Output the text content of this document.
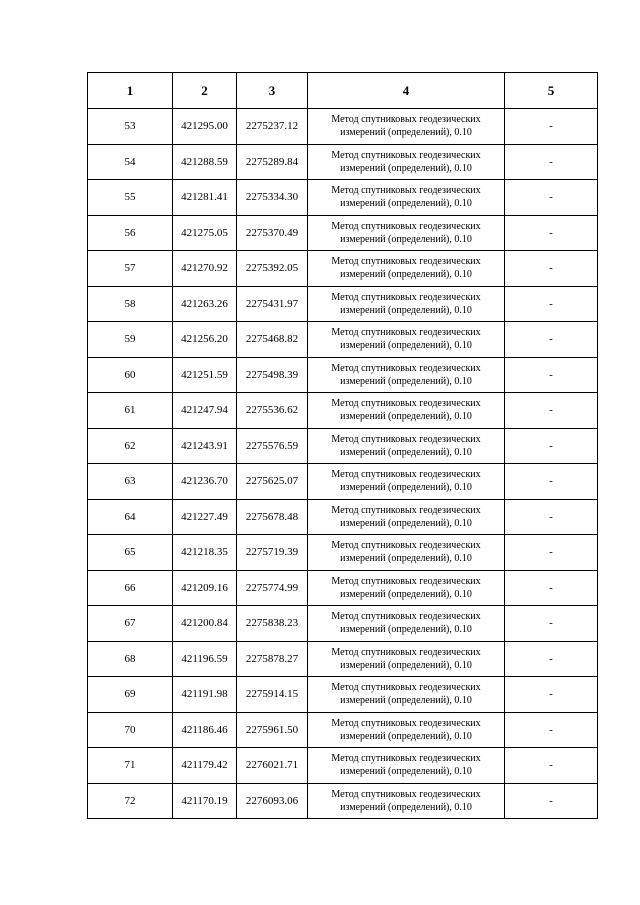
1	2	3	4	5
53	421295.00	2275237.12	Метод спутниковых геодезических
измерений (определений), 0.10	-
54	421288.59	2275289.84	Метод спутниковых геодезических
измерений (определений), 0.10	-
55	421281.41	2275334.30	Метод спутниковых геодезических
измерений (определений), 0.10	-
56	421275.05	2275370.49	Метод спутниковых геодезических
измерений (определений), 0.10	-
57	421270.92	2275392.05	Метод спутниковых геодезических
измерений (определений), 0.10	-
58	421263.26	2275431.97	Метод спутниковых геодезических
измерений (определений), 0.10	-
59	421256.20	2275468.82	Метод спутниковых геодезических
измерений (определений), 0.10	-
60	421251.59	2275498.39	Метод спутниковых геодезических
измерений (определений), 0.10	-
61	421247.94	2275536.62	Метод спутниковых геодезических
измерений (определений), 0.10	-
62	421243.91	2275576.59	Метод спутниковых геодезических
измерений (определений), 0.10	-
63	421236.70	2275625.07	Метод спутниковых геодезических
измерений (определений), 0.10	-
64	421227.49	2275678.48	Метод спутниковых геодезических
измерений (определений), 0.10	-
65	421218.35	2275719.39	Метод спутниковых геодезических
измерений (определений), 0.10	-
66	421209.16	2275774.99	Метод спутниковых геодезических
измерений (определений), 0.10	-
67	421200.84	2275838.23	Метод спутниковых геодезических
измерений (определений), 0.10	-
68	421196.59	2275878.27	Метод спутниковых геодезических
измерений (определений), 0.10	-
69	421191.98	2275914.15	Метод спутниковых геодезических
измерений (определений), 0.10	-
70	421186.46	2275961.50	Метод спутниковых геодезических
измерений (определений), 0.10	-
71	421179.42	2276021.71	Метод спутниковых геодезических
измерений (определений), 0.10	-
72	421170.19	2276093.06	Метод спутниковых геодезических
измерений (определений), 0.10	-
